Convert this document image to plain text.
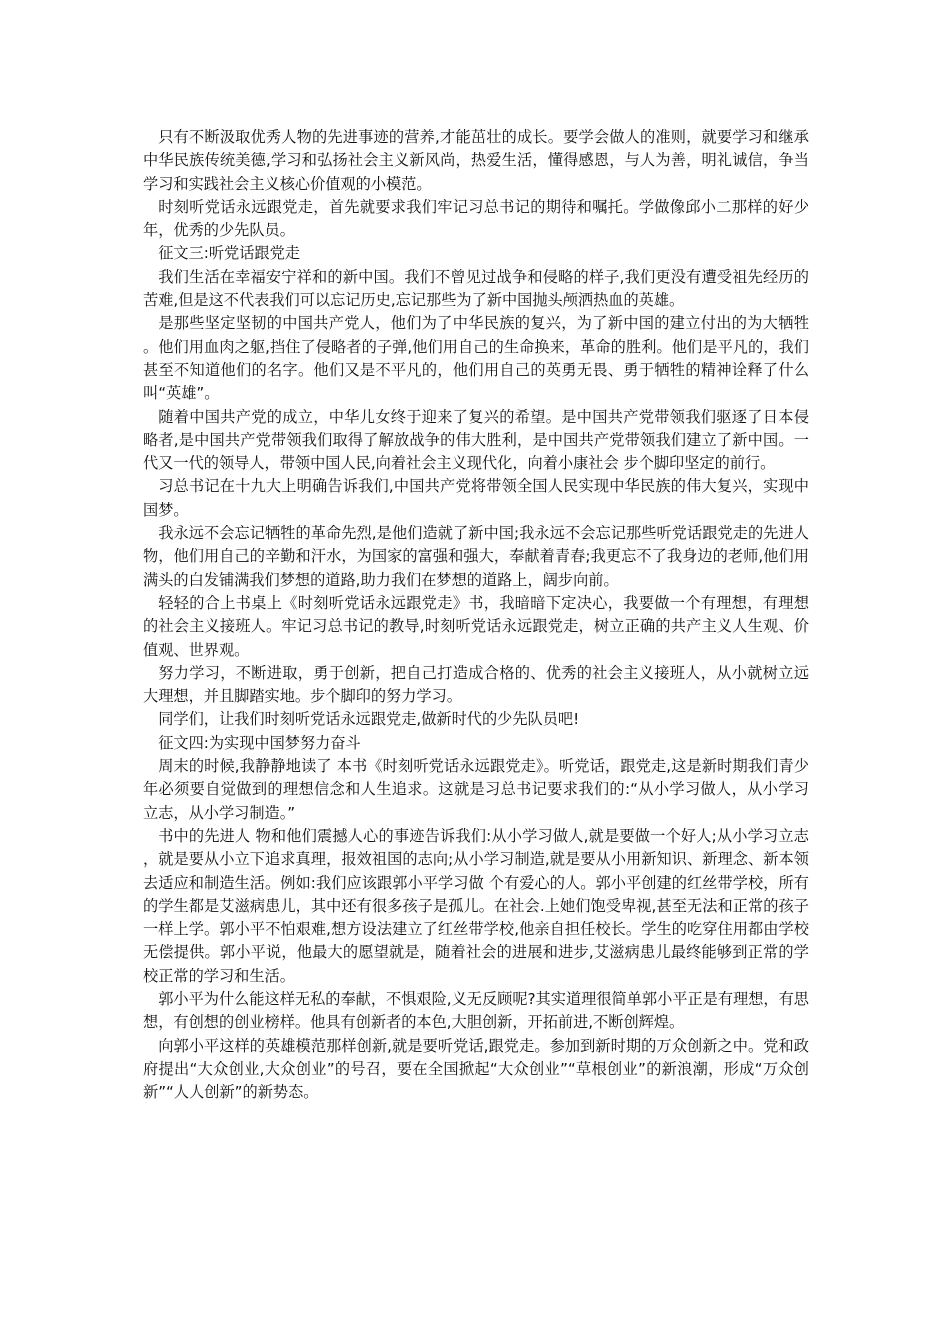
只有不断汲取优秀人物的先进事迹的营养,才能茁壮的成长。要学会做人的准则，就要学习和继承中华民族传统美德,学习和弘扬社会主义新风尚，热爱生活，懂得感恩，与人为善，明礼诚信，争当学习和实践社会主义核心价值观的小模范。

时刻听党话永远跟党走，首先就要求我们牢记习总书记的期待和嘱托。学做像邱小二那样的好少年，优秀的少先队员。

征文三:听党话跟党走

我们生活在幸福安宁祥和的新中国。我们不曾见过战争和侵略的样子,我们更没有遭受祖先经历的苦难,但是这不代表我们可以忘记历史,忘记那些为了新中国抛头颅洒热血的英雄。

是那些坚定坚韧的中国共产党人，他们为了中华民族的复兴，为了新中国的建立付出的为大牺牲。他们用血肉之躯,挡住了侵略者的子弹,他们用自己的生命换来，革命的胜利。他们是平凡的，我们甚至不知道他们的名字。他们又是不平凡的，他们用自己的英勇无畏、勇于牺牲的精神诠释了什么叫“英雄”。

随着中国共产党的成立，中华儿女终于迎来了复兴的希望。是中国共产党带领我们驱逐了日本侵略者,是中国共产党带领我们取得了解放战争的伟大胜利，是中国共产党带领我们建立了新中国。一代又一代的领导人，带领中国人民,向着社会主义现代化，向着小康社会 步个脚印坚定的前行。

习总书记在十九大上明确告诉我们,中国共产党将带领全国人民实现中华民族的伟大复兴，实现中国梦。

我永远不会忘记牺牲的革命先烈,是他们造就了新中国;我永远不会忘记那些听党话跟党走的先进人物，他们用自己的辛勤和汗水，为国家的富强和强大，奉献着青春;我更忘不了我身边的老师,他们用满头的白发铺满我们梦想的道路,助力我们在梦想的道路上，阔步向前。

轻轻的合上书桌上《时刻听党话永远跟党走》书，我暗暗下定决心，我要做一个有理想，有理想的社会主义接班人。牢记习总书记的教导,时刻听党话永远跟党走，树立正确的共产主义人生观、价值观、世界观。

努力学习，不断进取，勇于创新，把自己打造成合格的、优秀的社会主义接班人，从小就树立远大理想，并且脚踏实地。步个脚印的努力学习。

同学们，让我们时刻听党话永远跟党走,做新时代的少先队员吧!

征文四:为实现中国梦努力奋斗

周末的时候,我静静地读了 本书《时刻听党话永远跟党走》。听党话，跟党走,这是新时期我们青少年必须要自觉做到的理想信念和人生追求。这就是习总书记要求我们的:“从小学习做人，从小学习立志，从小学习制造。”

书中的先进人 物和他们震撼人心的事迹告诉我们:从小学习做人,就是要做一个好人;从小学习立志，就是要从小立下追求真理，报效祖国的志向;从小学习制造,就是要从小用新知识、新理念、新本领去适应和制造生活。例如:我们应该跟郭小平学习做 个有爱心的人。郭小平创建的红丝带学校，所有的学生都是艾滋病患儿，其中还有很多孩子是孤儿。在社会.上她们饱受卑视,甚至无法和正常的孩子一样上学。郭小平不怕艰难,想方设法建立了红丝带学校,他亲自担任校长。学生的吃穿住用都由学校无偿提供。郭小平说，他最大的愿望就是，随着社会的进展和进步,艾滋病患儿最终能够到正常的学校正常的学习和生活。

郭小平为什么能这样无私的奉献，不惧艰险,义无反顾呢?其实道理很简单郭小平正是有理想，有思想，有创想的创业榜样。他具有创新者的本色,大胆创新，开拓前进,不断创辉煌。

向郭小平这样的英雄模范那样创新,就是要听党话,跟党走。参加到新时期的万众创新之中。党和政府提出“大众创业,大众创业”的号召，要在全国掀起“大众创业”“草根创业”的新浪潮，形成“万众创新”“人人创新”的新势态。
